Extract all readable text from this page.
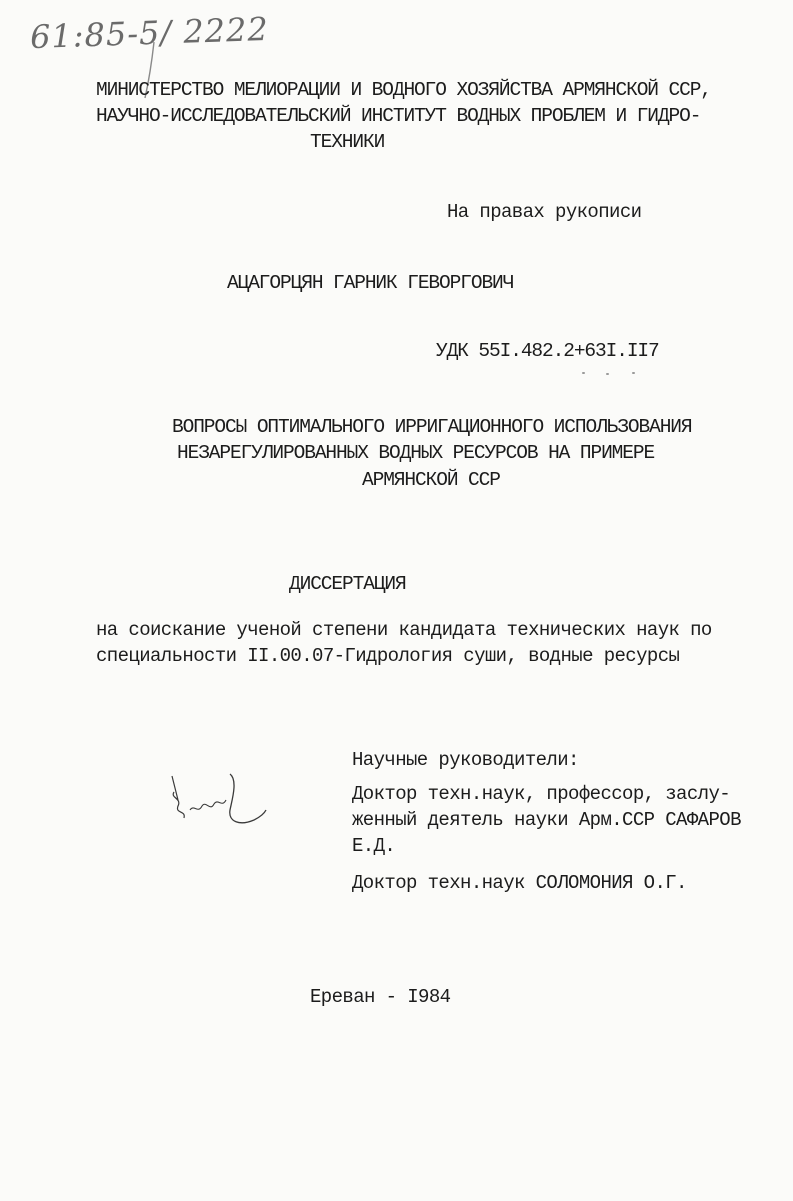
61:85-5/ 2222
МИНИСТЕРСТВО МЕЛИОРАЦИИ И ВОДНОГО ХОЗЯЙСТВА АРМЯНСКОЙ ССР,
НАУЧНО-ИССЛЕДОВАТЕЛЬСКИЙ ИНСТИТУТ ВОДНЫХ ПРОБЛЕМ И ГИДРО-
ТЕХНИКИ
На правах рукописи
АЦАГОРЦЯН ГАРНИК ГЕВОРГОВИЧ
УДК 55I.482.2+63I.II7
ВОПРОСЫ ОПТИМАЛЬНОГО ИРРИГАЦИОННОГО ИСПОЛЬЗОВАНИЯ
НЕЗАРЕГУЛИРОВАННЫХ ВОДНЫХ РЕСУРСОВ НА ПРИМЕРЕ
АРМЯНСКОЙ ССР
ДИССЕРТАЦИЯ
на соискание ученой степени кандидата технических наук по
специальности II.00.07-Гидрология суши, водные ресурсы
Научные руководители:
Доктор техн.наук, профессор, заслу-
женный деятель науки Арм.ССР САФАРОВ
Е.Д.
Доктор техн.наук СОЛОМОНИЯ О.Г.
Ереван - I984
